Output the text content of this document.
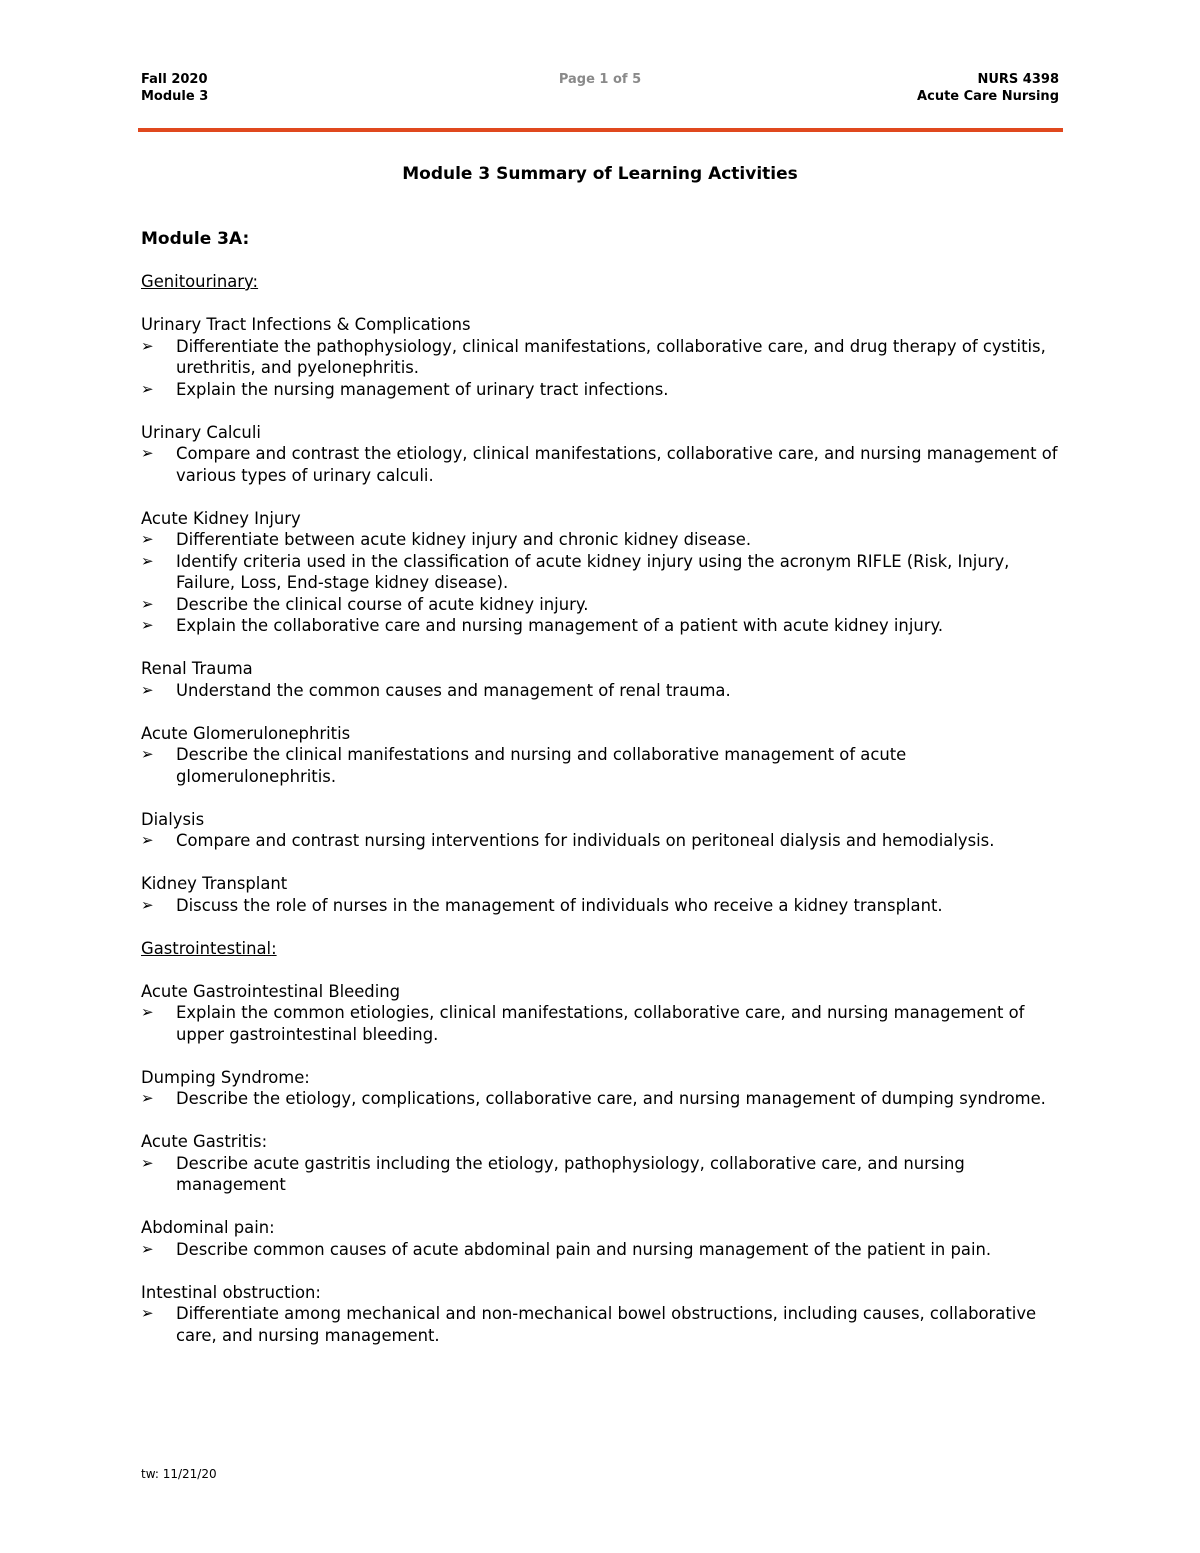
Fall 2020
Module 3
Page 1 of 5	NURS 4398
Acute Care Nursing
Module 3 Summary of Learning Activities
Module 3A:
Genitourinary:
Urinary Tract Infections & Complications
➢	Differentiate the pathophysiology, clinical manifestations, collaborative care, and drug therapy of cystitis, urethritis, and pyelonephritis.
➢	Explain the nursing management of urinary tract infections.
Urinary Calculi
➢	Compare and contrast the etiology, clinical manifestations, collaborative care, and nursing management of various types of urinary calculi.
Acute Kidney Injury
➢	Differentiate between acute kidney injury and chronic kidney disease.
➢	Identify criteria used in the classification of acute kidney injury using the acronym RIFLE (Risk, Injury, Failure, Loss, End-stage kidney disease).
➢	Describe the clinical course of acute kidney injury.
➢	Explain the collaborative care and nursing management of a patient with acute kidney injury.
Renal Trauma
➢	Understand the common causes and management of renal trauma.
Acute Glomerulonephritis
➢	Describe the clinical manifestations and nursing and collaborative management of acute glomerulonephritis.
Dialysis
➢	Compare and contrast nursing interventions for individuals on peritoneal dialysis and hemodialysis.
Kidney Transplant
➢	Discuss the role of nurses in the management of individuals who receive a kidney transplant.
Gastrointestinal:
Acute Gastrointestinal Bleeding
➢	Explain the common etiologies, clinical manifestations, collaborative care, and nursing management of upper gastrointestinal bleeding.
Dumping Syndrome:
➢	Describe the etiology, complications, collaborative care, and nursing management of dumping syndrome.
Acute Gastritis:
➢	Describe acute gastritis including the etiology, pathophysiology, collaborative care, and nursing management
Abdominal pain:
➢	Describe common causes of acute abdominal pain and nursing management of the patient in pain.
Intestinal obstruction:
➢	Differentiate among mechanical and non-mechanical bowel obstructions, including causes, collaborative care, and nursing management.
tw: 11/21/20
